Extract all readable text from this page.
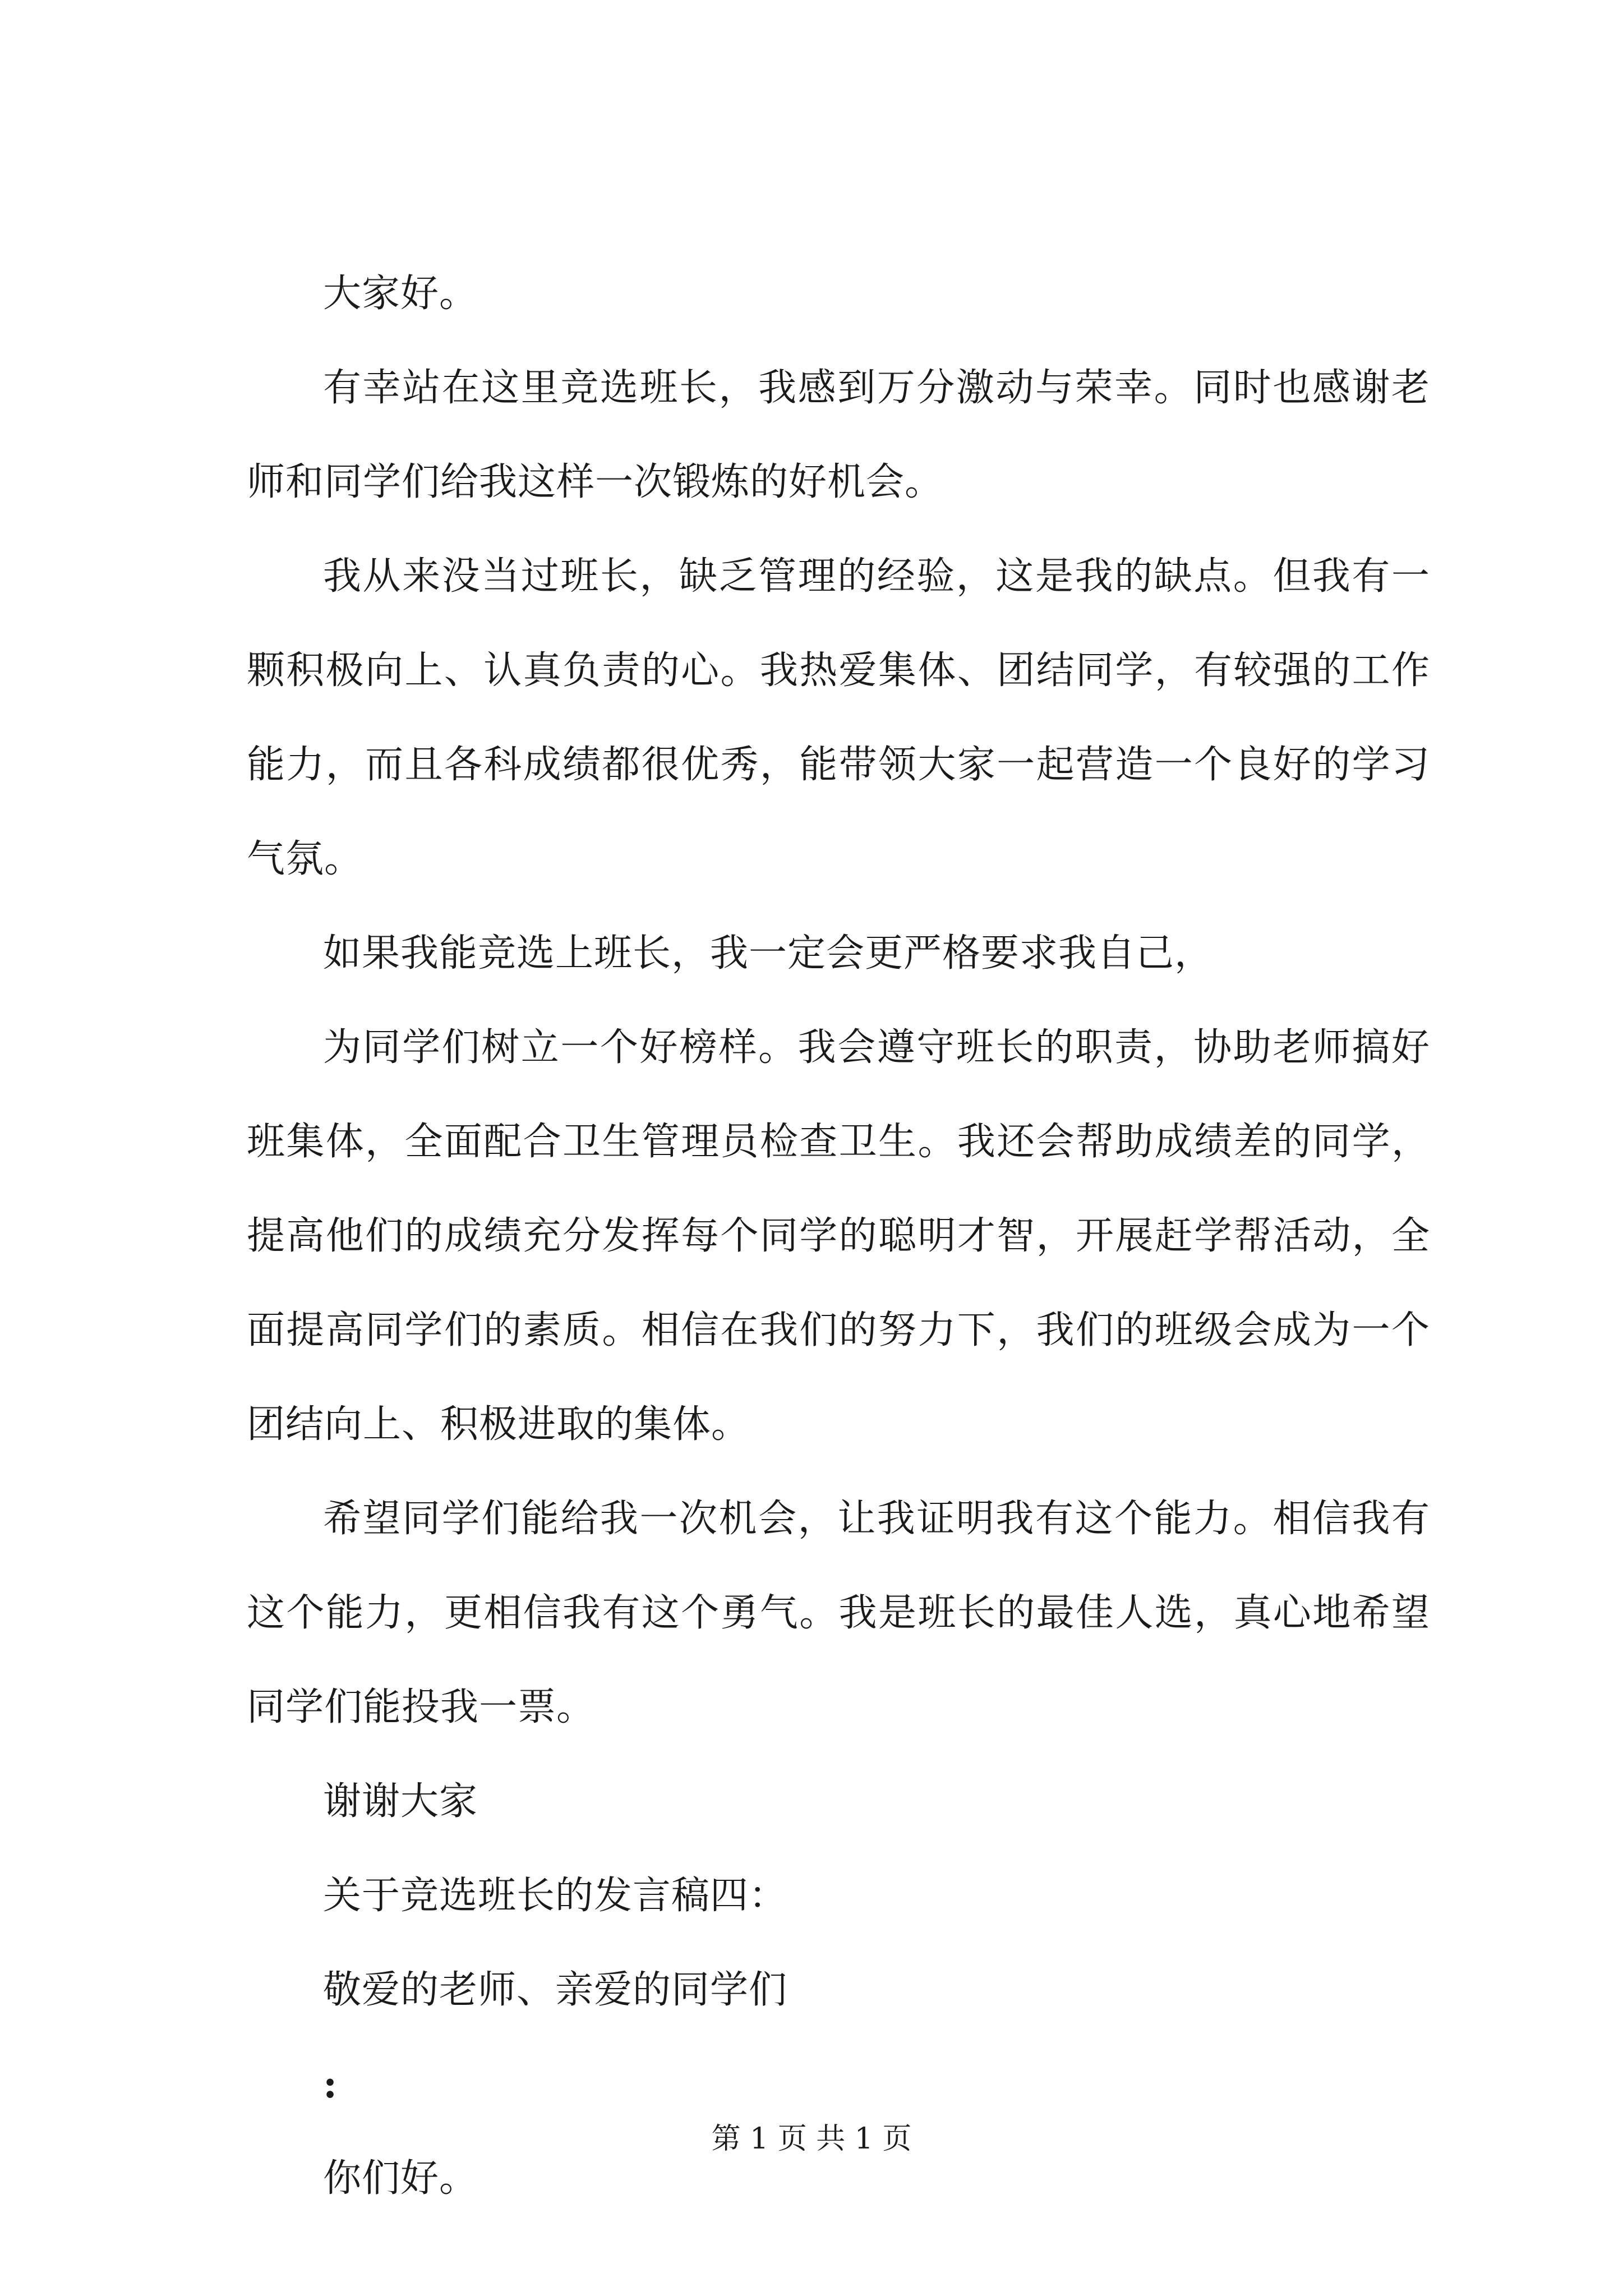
大家好。

有幸站在这里竞选班长，我感到万分激动与荣幸。同时也感谢老师和同学们给我这样一次锻炼的好机会。

我从来没当过班长，缺乏管理的经验，这是我的缺点。但我有一颗积极向上、认真负责的心。我热爱集体、团结同学，有较强的工作能力，而且各科成绩都很优秀，能带领大家一起营造一个良好的学习气氛。

如果我能竞选上班长，我一定会更严格要求我自己，

为同学们树立一个好榜样。我会遵守班长的职责，协助老师搞好班集体，全面配合卫生管理员检查卫生。我还会帮助成绩差的同学，提高他们的成绩充分发挥每个同学的聪明才智，开展赶学帮活动，全面提高同学们的素质。相信在我们的努力下，我们的班级会成为一个团结向上、积极进取的集体。

希望同学们能给我一次机会，让我证明我有这个能力。相信我有这个能力，更相信我有这个勇气。我是班长的最佳人选，真心地希望同学们能投我一票。

谢谢大家

关于竞选班长的发言稿四：

敬爱的老师、亲爱的同学们

:

你们好。

第 1 页 共 1 页
